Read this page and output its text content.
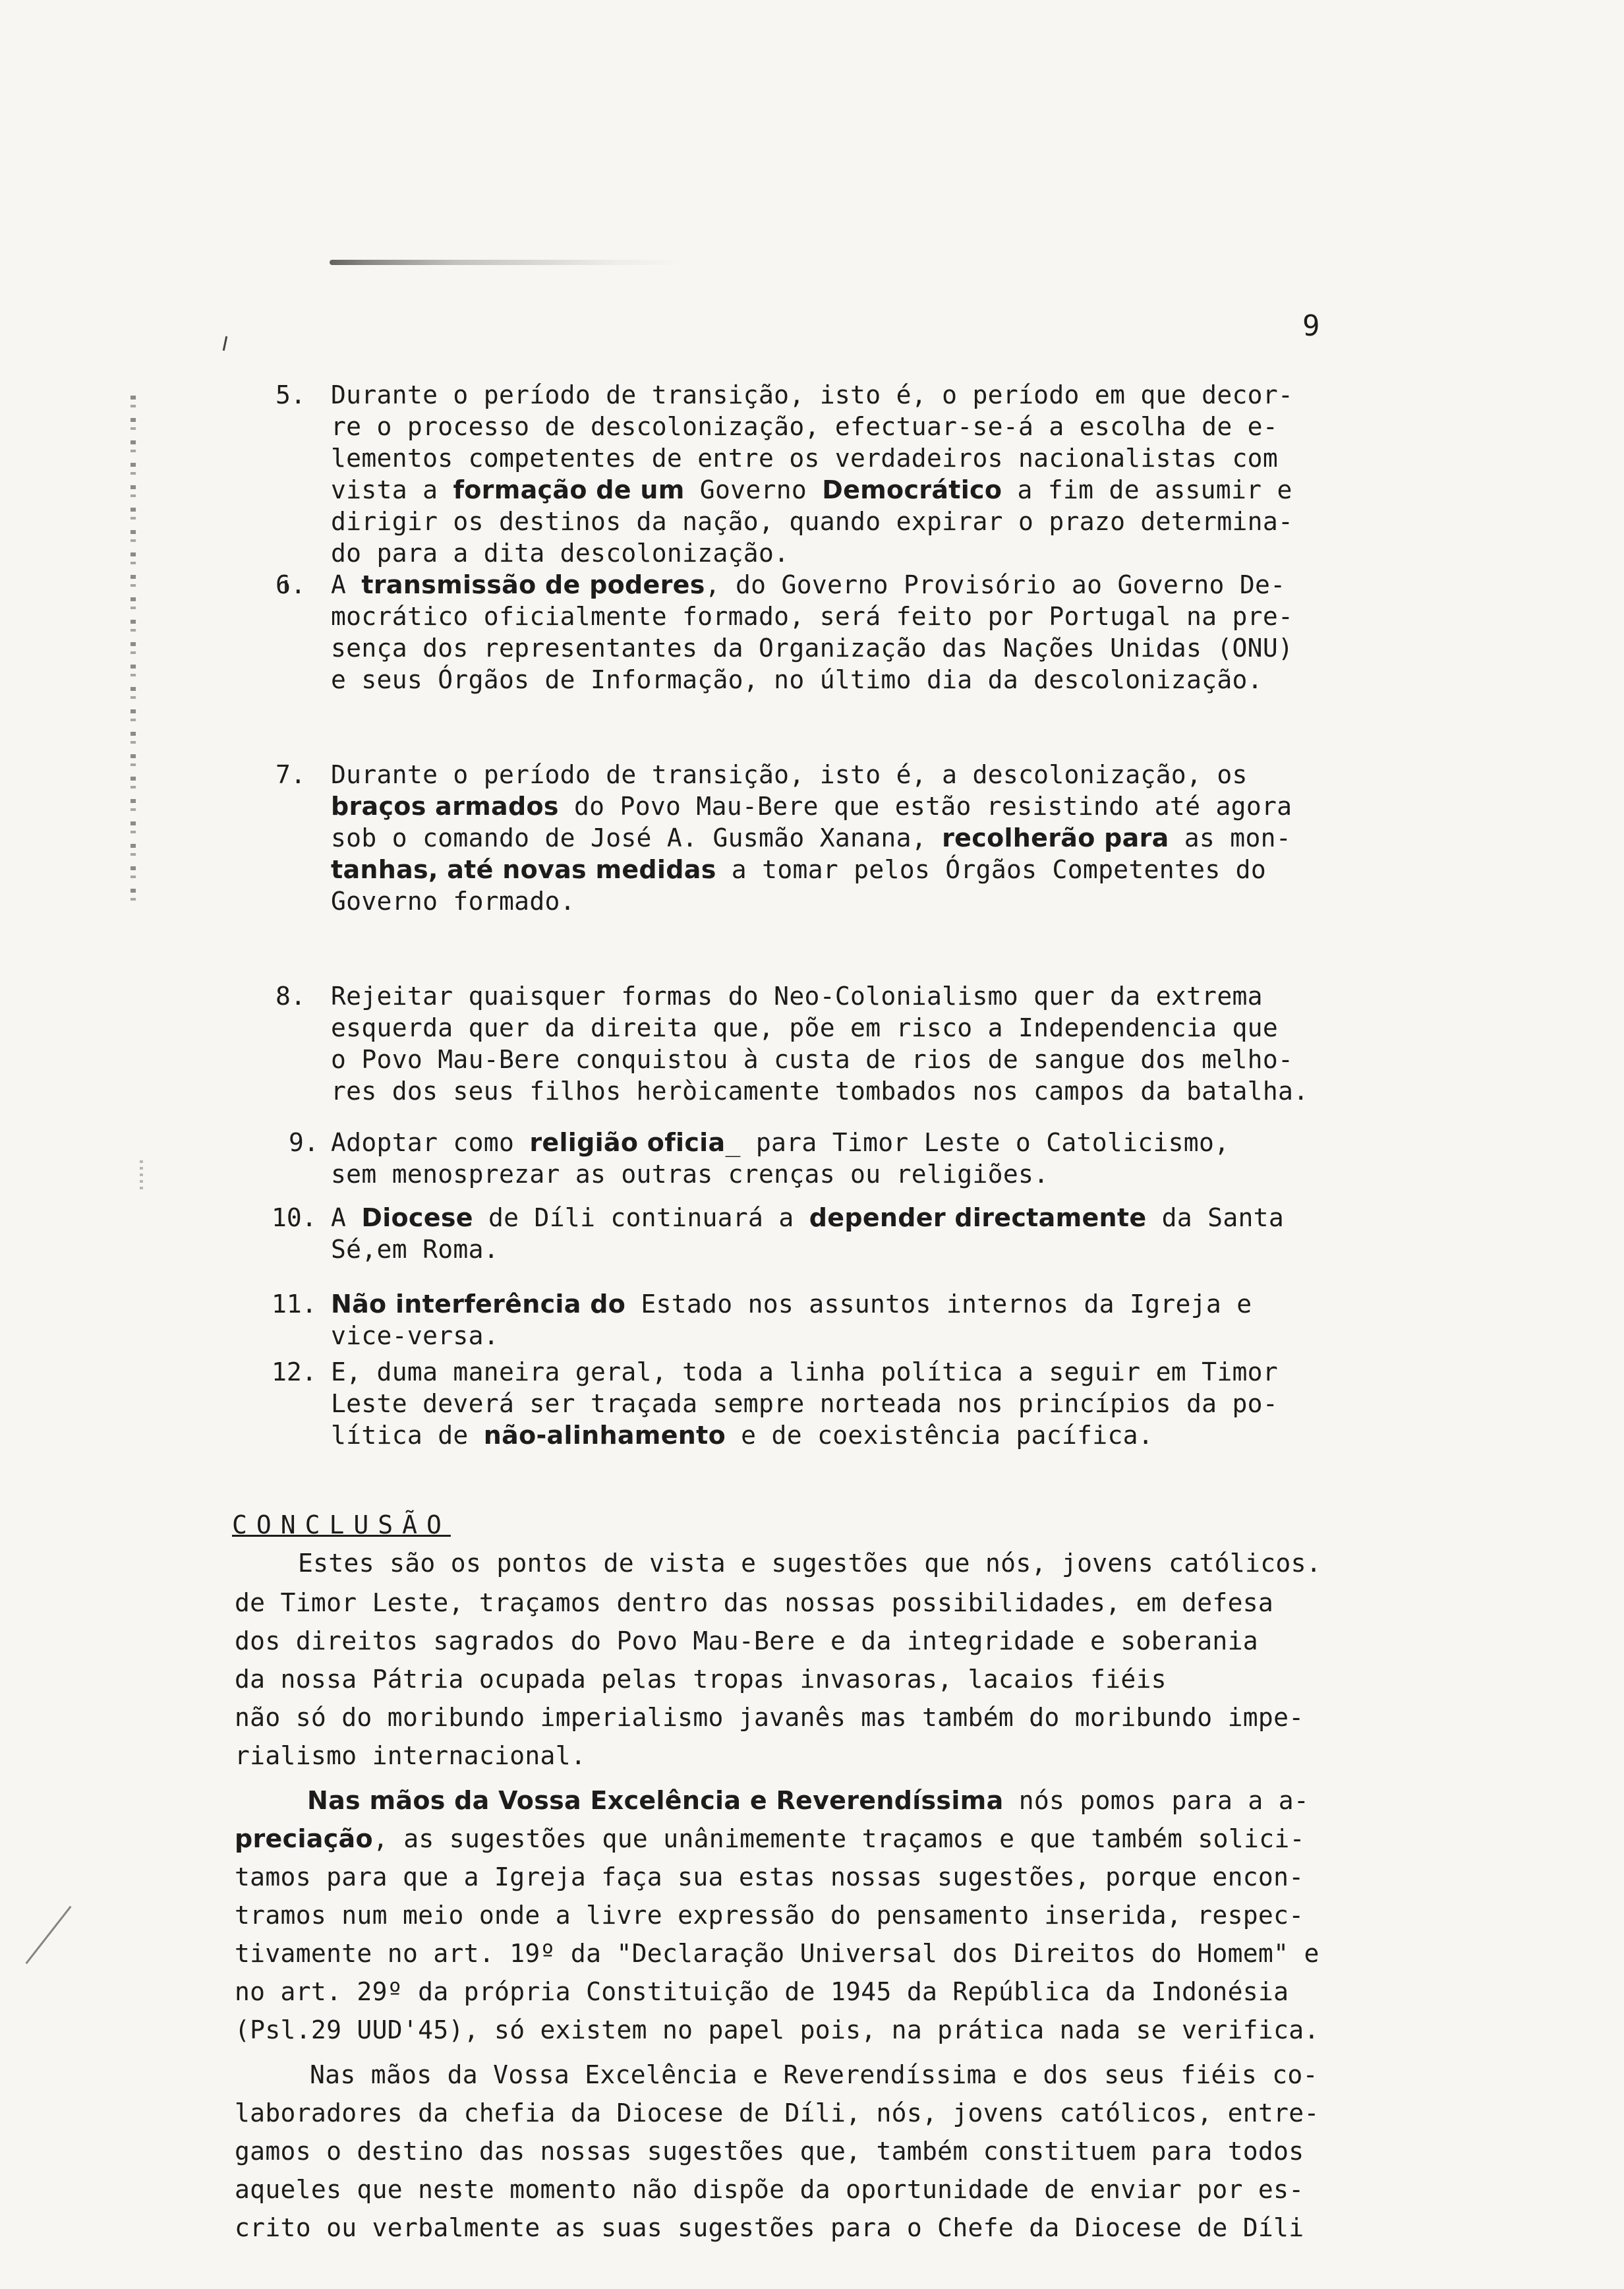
9
5. Durante o período de transição, isto é, o período em que decor-
re o processo de descolonização, efectuar-se-á a escolha de e-
lementos competentes de entre os verdadeiros nacionalistas com
vista a formação de um Governo Democrático a fim de assumir e
dirigir os destinos da nação, quando expirar o prazo determina-
do para a dita descolonização.
6. A transmissão de poderes, do Governo Provisório ao Governo De-
mocrático oficialmente formado, será feito por Portugal na pre-
sença dos representantes da Organização das Nações Unidas (ONU)
e seus Órgãos de Informação, no último dia da descolonização.
7. Durante o período de transição, isto é, a descolonização, os
braços armados do Povo Mau-Bere que estão resistindo até agora
sob o comando de José A. Gusmão Xanana, recolherão para as mon-
tanhas, até novas medidas a tomar pelos Órgãos Competentes do
Governo formado.
8. Rejeitar quaisquer formas do Neo-Colonialismo quer da extrema
esquerda quer da direita que, põe em risco a Independencia que
o Povo Mau-Bere conquistou à custa de rios de sangue dos melho-
res dos seus filhos heròicamente tombados nos campos da batalha.
9. Adoptar como religião oficia_ para Timor Leste o Catolicismo,
sem menosprezar as outras crenças ou religiões.
10. A Diocese de Díli continuará a depender directamente da Santa
Sé,em Roma.
11. Não interferência do Estado nos assuntos internos da Igreja e
vice-versa.
12. E, duma maneira geral, toda a linha política a seguir em Timor
Leste deverá ser traçada sempre norteada nos princípios da po-
lítica de não-alinhamento e de coexistência pacífica.
CONCLUSÃO
Estes são os pontos de vista e sugestões que nós, jovens católicos.
de Timor Leste, traçamos dentro das nossas possibilidades, em defesa
dos direitos sagrados do Povo Mau-Bere e da integridade e soberania
da nossa Pátria ocupada pelas tropas invasoras, lacaios fiéis
não só do moribundo imperialismo javanês mas também do moribundo impe-
rialismo internacional.
Nas mãos da Vossa Excelência e Reverendíssima nós pomos para a a-
preciação, as sugestões que unânimemente traçamos e que também solici-
tamos para que a Igreja faça sua estas nossas sugestões, porque encon-
tramos num meio onde a livre expressão do pensamento inserida, respec-
tivamente no art. 19º da "Declaração Universal dos Direitos do Homem" e
no art. 29º da própria Constituição de 1945 da República da Indonésia
(Psl.29 UUD'45), só existem no papel pois, na prática nada se verifica.
Nas mãos da Vossa Excelência e Reverendíssima e dos seus fiéis co-
laboradores da chefia da Diocese de Díli, nós, jovens católicos, entre-
gamos o destino das nossas sugestões que, também constituem para todos
aqueles que neste momento não dispõe da oportunidade de enviar por es-
crito ou verbalmente as suas sugestões para o Chefe da Diocese de Díli
